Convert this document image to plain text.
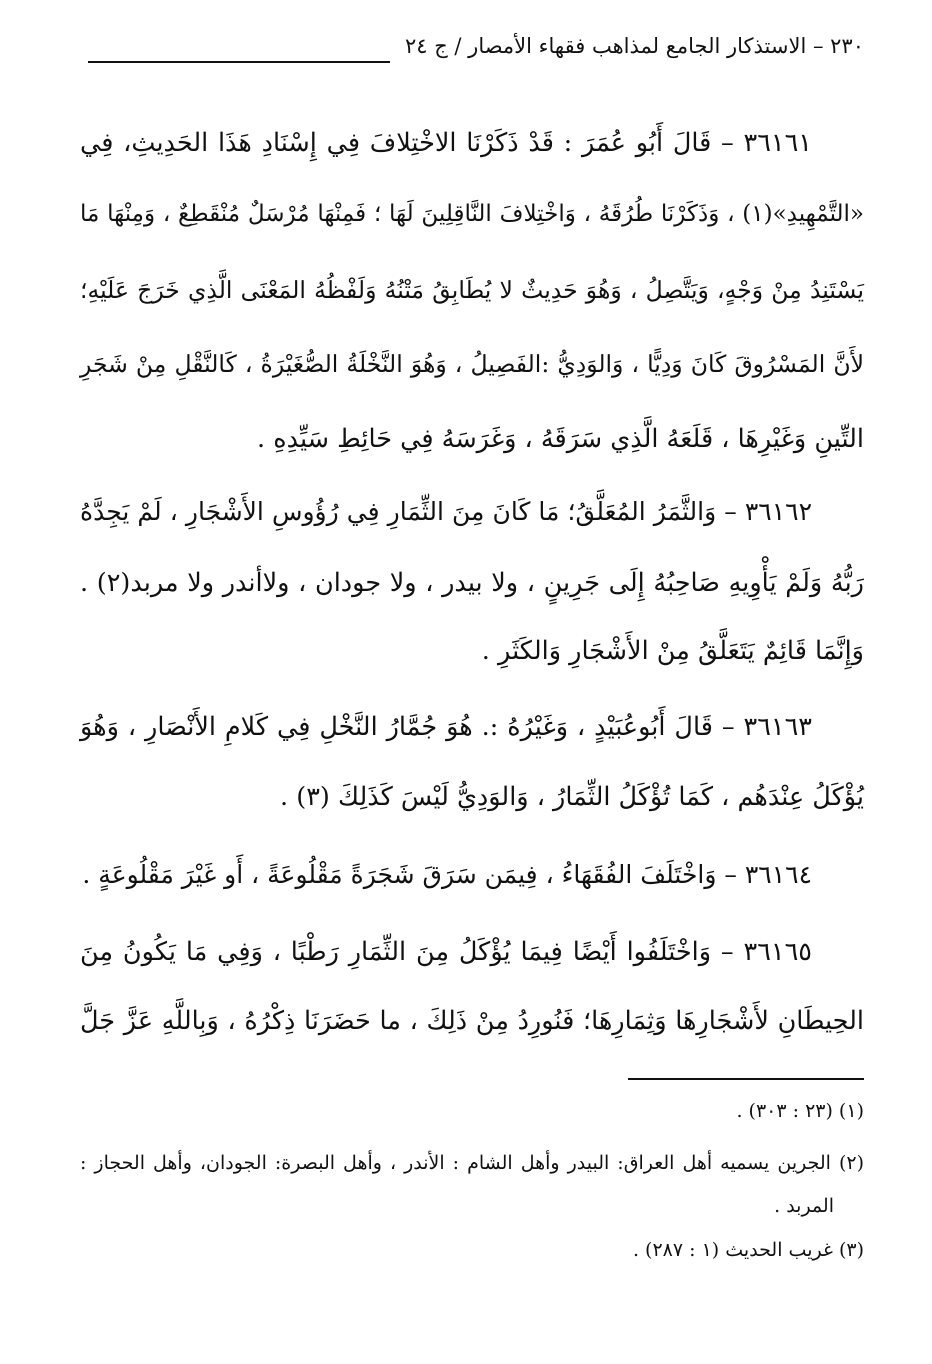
٢٣٠ – الاستذكار الجامع لمذاهب فقهاء الأمصار / ج ٢٤
٣٦١٦١ – قَالَ أَبُو عُمَرَ : قَدْ ذَكَرْنَا الاخْتِلافَ فِي إِسْنَادِ هَذَا الحَدِيثِ، فِي
«التَّمْهِيدِ»(١) ، وَذَكَرْنَا طُرُقَهُ ، وَاخْتِلافَ النَّاقِلِينَ لَهَا ؛ فَمِنْهَا مُرْسَلٌ مُنْقَطِعٌ ، وَمِنْهَا مَا
يَسْتَنِدُ مِنْ وَجْهٍ، وَيَتَّصِلُ ، وَهُوَ حَدِيثٌ لا يُطَابِقُ مَتْنُهُ وَلَفْظُهُ المَعْنَى الَّذِي خَرَجَ عَلَيْهِ؛
لأَنَّ المَسْرُوقَ كَانَ وَدِيًّا ، وَالوَدِيُّ :الفَصِيلُ ، وَهُوَ النَّخْلَةُ الصُّغَيْرَةُ ، كَالنَّقْلِ مِنْ شَجَرِ
التِّينِ وَغَيْرِهَا ، قَلَعَهُ الَّذِي سَرَقَهُ ، وَغَرَسَهُ فِي حَائِطِ سَيِّدِهِ .
٣٦١٦٢ – وَالثَّمَرُ المُعَلَّقُ؛ مَا كَانَ مِنَ الثِّمَارِ فِي رُؤُوسِ الأَشْجَارِ ، لَمْ يَجِدَّهُ
رَبُّهُ وَلَمْ يَأْوِيهِ صَاحِبُهُ إِلَى جَرِينٍ ، ولا بيدر ، ولا جودان ، ولاأندر ولا مربد(٢) .
وَإِنَّمَا قَائِمٌ يَتَعَلَّقُ مِنْ الأَشْجَارِ وَالكَثَرِ .
٣٦١٦٣ – قَالَ أَبُوعُبَيْدٍ ، وَغَيْرُهُ :. هُوَ جُمَّارُ النَّخْلِ فِي كَلامِ الأَنْصَارِ ، وَهُوَ
يُؤْكَلُ عِنْدَهُم ، كَمَا تُؤْكَلُ الثِّمَارُ ، وَالوَدِيُّ لَيْسَ كَذَلِكَ (٣) .
٣٦١٦٤ – وَاخْتَلَفَ الفُقَهَاءُ ، فِيمَن سَرَقَ شَجَرَةً مَقْلُوعَةً ، أَو غَيْرَ مَقْلُوعَةٍ .
٣٦١٦٥ – وَاخْتَلَفُوا أَيْضًا فِيمَا يُؤْكَلُ مِنَ الثِّمَارِ رَطْبًا ، وَفِي مَا يَكُونُ مِنَ
الحِيطَانِ لأَشْجَارِهَا وَثِمَارِهَا؛ فَنُورِدُ مِنْ ذَلِكَ ، ما حَضَرَنَا ذِكْرُهُ ، وَبِاللَّهِ عَزَّ جَلَّ
(١) (٢٣ : ٣٠٣) .
(٢) الجرين يسميه أهل العراق: البيدر وأهل الشام : الأندر ، وأهل البصرة: الجودان، وأهل الحجاز :
المربد .
(٣) غريب الحديث (١ : ٢٨٧) .
